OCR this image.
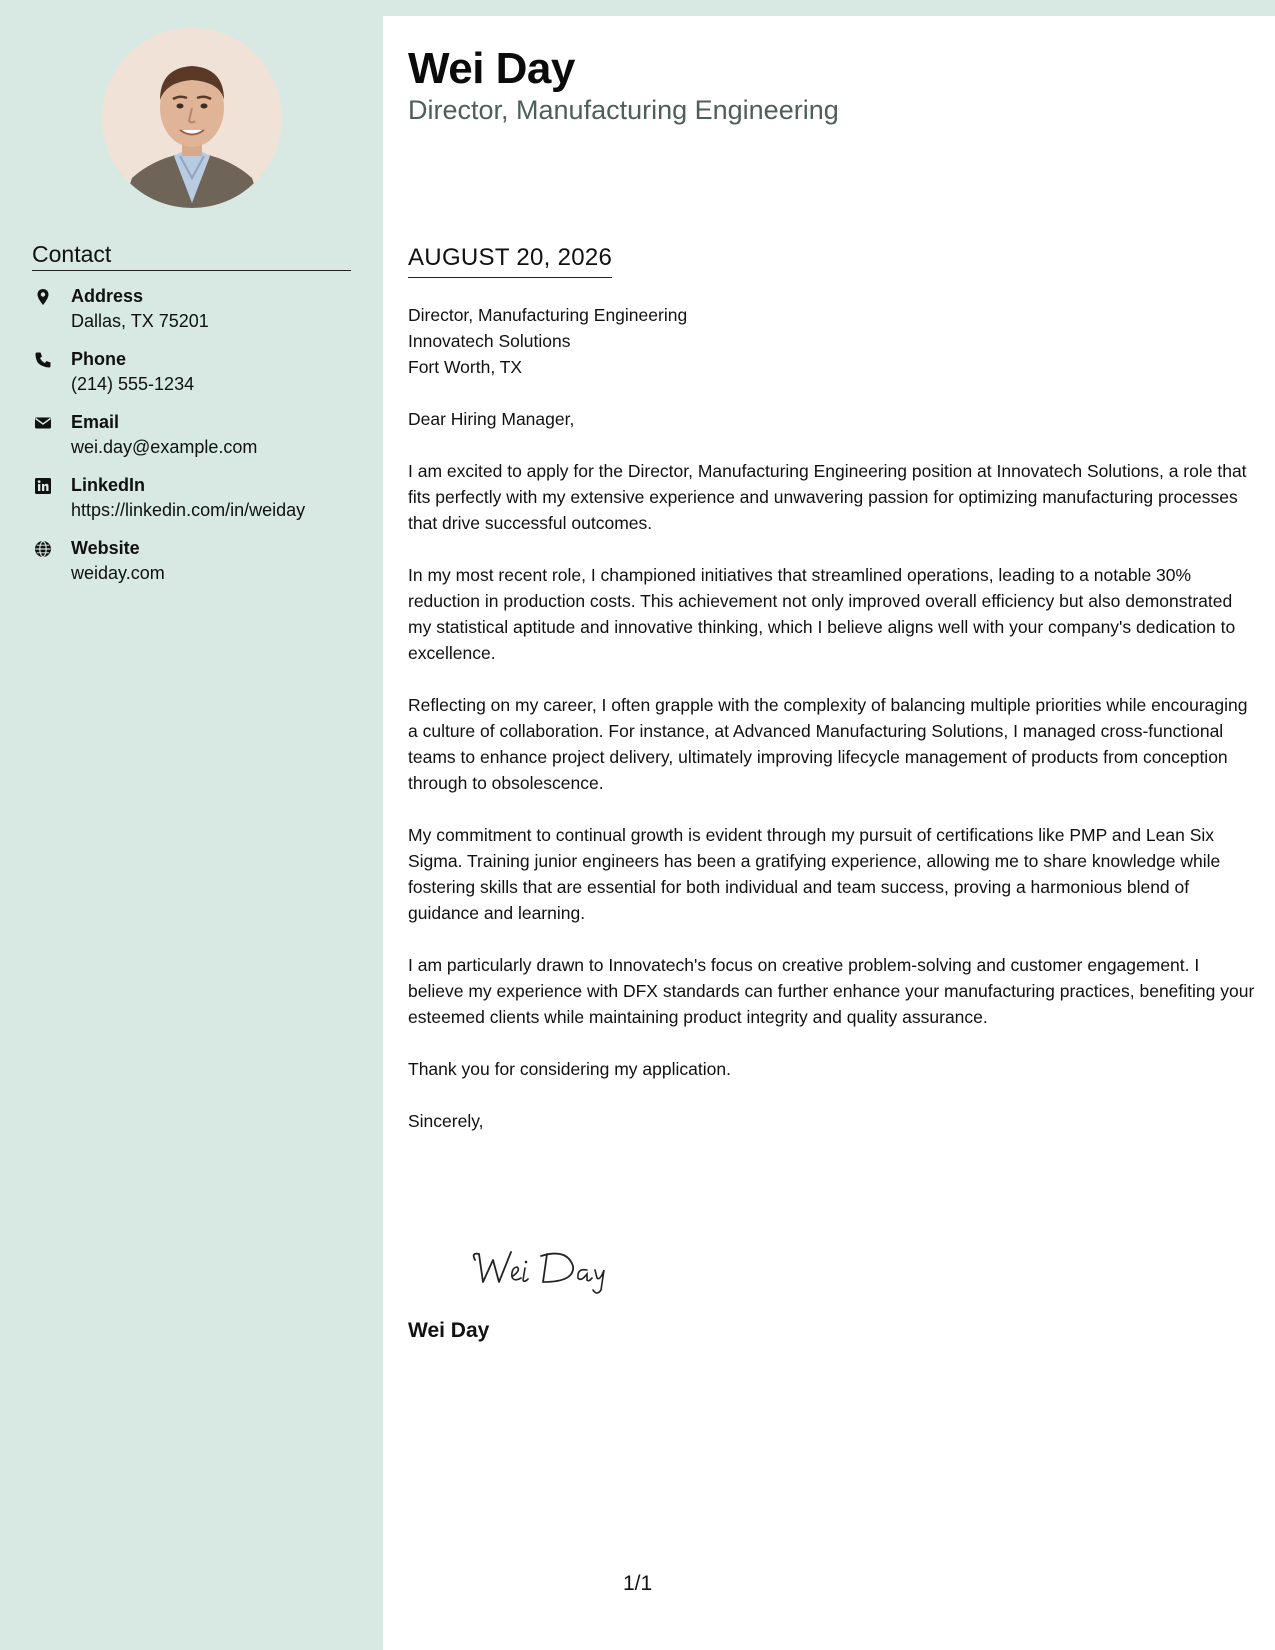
Contact
Address
Dallas, TX 75201
Phone
(214) 555-1234
Email
wei.day@example.com
LinkedIn
https://linkedin.com/in/weiday
Website
weiday.com
Wei Day
Director, Manufacturing Engineering
AUGUST 20, 2026
Director, Manufacturing Engineering
Innovatech Solutions
Fort Worth, TX

Dear Hiring Manager,

I am excited to apply for the Director, Manufacturing Engineering position at Innovatech Solutions, a role that fits perfectly with my extensive experience and unwavering passion for optimizing manufacturing processes that drive successful outcomes.

In my most recent role, I championed initiatives that streamlined operations, leading to a notable 30% reduction in production costs. This achievement not only improved overall efficiency but also demonstrated my statistical aptitude and innovative thinking, which I believe aligns well with your company's dedication to excellence.

Reflecting on my career, I often grapple with the complexity of balancing multiple priorities while encouraging a culture of collaboration. For instance, at Advanced Manufacturing Solutions, I managed cross-functional teams to enhance project delivery, ultimately improving lifecycle management of products from conception through to obsolescence.

My commitment to continual growth is evident through my pursuit of certifications like PMP and Lean Six Sigma. Training junior engineers has been a gratifying experience, allowing me to share knowledge while fostering skills that are essential for both individual and team success, proving a harmonious blend of guidance and learning.

I am particularly drawn to Innovatech's focus on creative problem-solving and customer engagement. I believe my experience with DFX standards can further enhance your manufacturing practices, benefiting your esteemed clients while maintaining product integrity and quality assurance.

Thank you for considering my application.

Sincerely,

Wei Day
1/1
